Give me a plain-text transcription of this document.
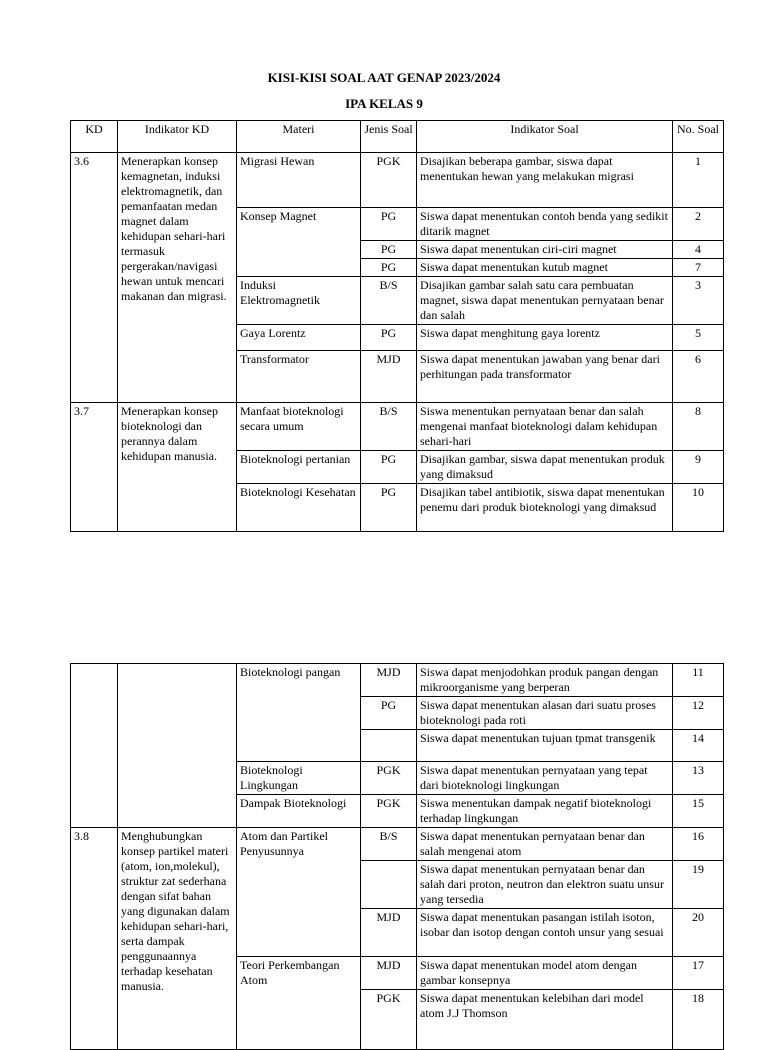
KISI-KISI SOAL AAT GENAP 2023/2024
IPA KELAS 9
KD	Indikator KD	Materi	Jenis Soal	Indikator Soal	No. Soal
3.6	Menerapkan konsep kemagnetan, induksi elektromagnetik, dan pemanfaatan medan magnet dalam kehidupan sehari-hari termasuk pergerakan/navigasi hewan untuk mencari makanan dan migrasi.	Migrasi Hewan	PGK	Disajikan beberapa gambar, siswa dapat menentukan hewan yang melakukan migrasi	1
		Konsep Magnet	PG	Siswa dapat menentukan contoh benda yang sedikit ditarik magnet	2
			PG	Siswa dapat menentukan ciri-ciri magnet	4
			PG	Siswa dapat menentukan kutub magnet	7
		Induksi Elektromagnetik	B/S	Disajikan gambar salah satu cara pembuatan magnet, siswa dapat menentukan pernyataan benar dan salah	3
		Gaya Lorentz	PG	Siswa dapat menghitung gaya lorentz	5
		Transformator	MJD	Siswa dapat menentukan jawaban yang benar dari perhitungan pada transformator	6
3.7	Menerapkan konsep bioteknologi dan perannya dalam kehidupan manusia.	Manfaat bioteknologi secara umum	B/S	Siswa menentukan pernyataan benar dan salah mengenai manfaat bioteknologi dalam kehidupan sehari-hari	8
		Bioteknologi pertanian	PG	Disajikan gambar, siswa dapat menentukan produk yang dimaksud	9
		Bioteknologi Kesehatan	PG	Disajikan tabel antibiotik, siswa dapat menentukan penemu dari produk bioteknologi yang dimaksud	10
		Bioteknologi pangan	MJD	Siswa dapat menjodohkan produk pangan dengan mikroorganisme yang berperan	11
			PG	Siswa dapat menentukan alasan dari suatu proses bioteknologi pada roti	12
				Siswa dapat menentukan tujuan tpmat transgenik	14
		Bioteknologi Lingkungan	PGK	Siswa dapat menentukan pernyataan yang tepat dari bioteknologi lingkungan	13
		Dampak Bioteknologi	PGK	Siswa menentukan dampak negatif bioteknologi terhadap lingkungan	15
3.8	Menghubungkan konsep partikel materi (atom, ion,molekul), struktur zat sederhana dengan sifat bahan yang digunakan dalam kehidupan sehari-hari, serta dampak penggunaannya terhadap kesehatan manusia.	Atom dan Partikel Penyusunnya	B/S	Siswa dapat menentukan pernyataan benar dan salah mengenai atom	16
				Siswa dapat menentukan pernyataan benar dan salah dari proton, neutron dan elektron suatu unsur yang tersedia	19
			MJD	Siswa dapat menentukan pasangan istilah isoton, isobar dan isotop dengan contoh unsur yang sesuai	20
		Teori Perkembangan Atom	MJD	Siswa dapat menentukan model atom dengan gambar konsepnya	17
			PGK	Siswa dapat menentukan kelebihan dari model atom J.J Thomson	18
